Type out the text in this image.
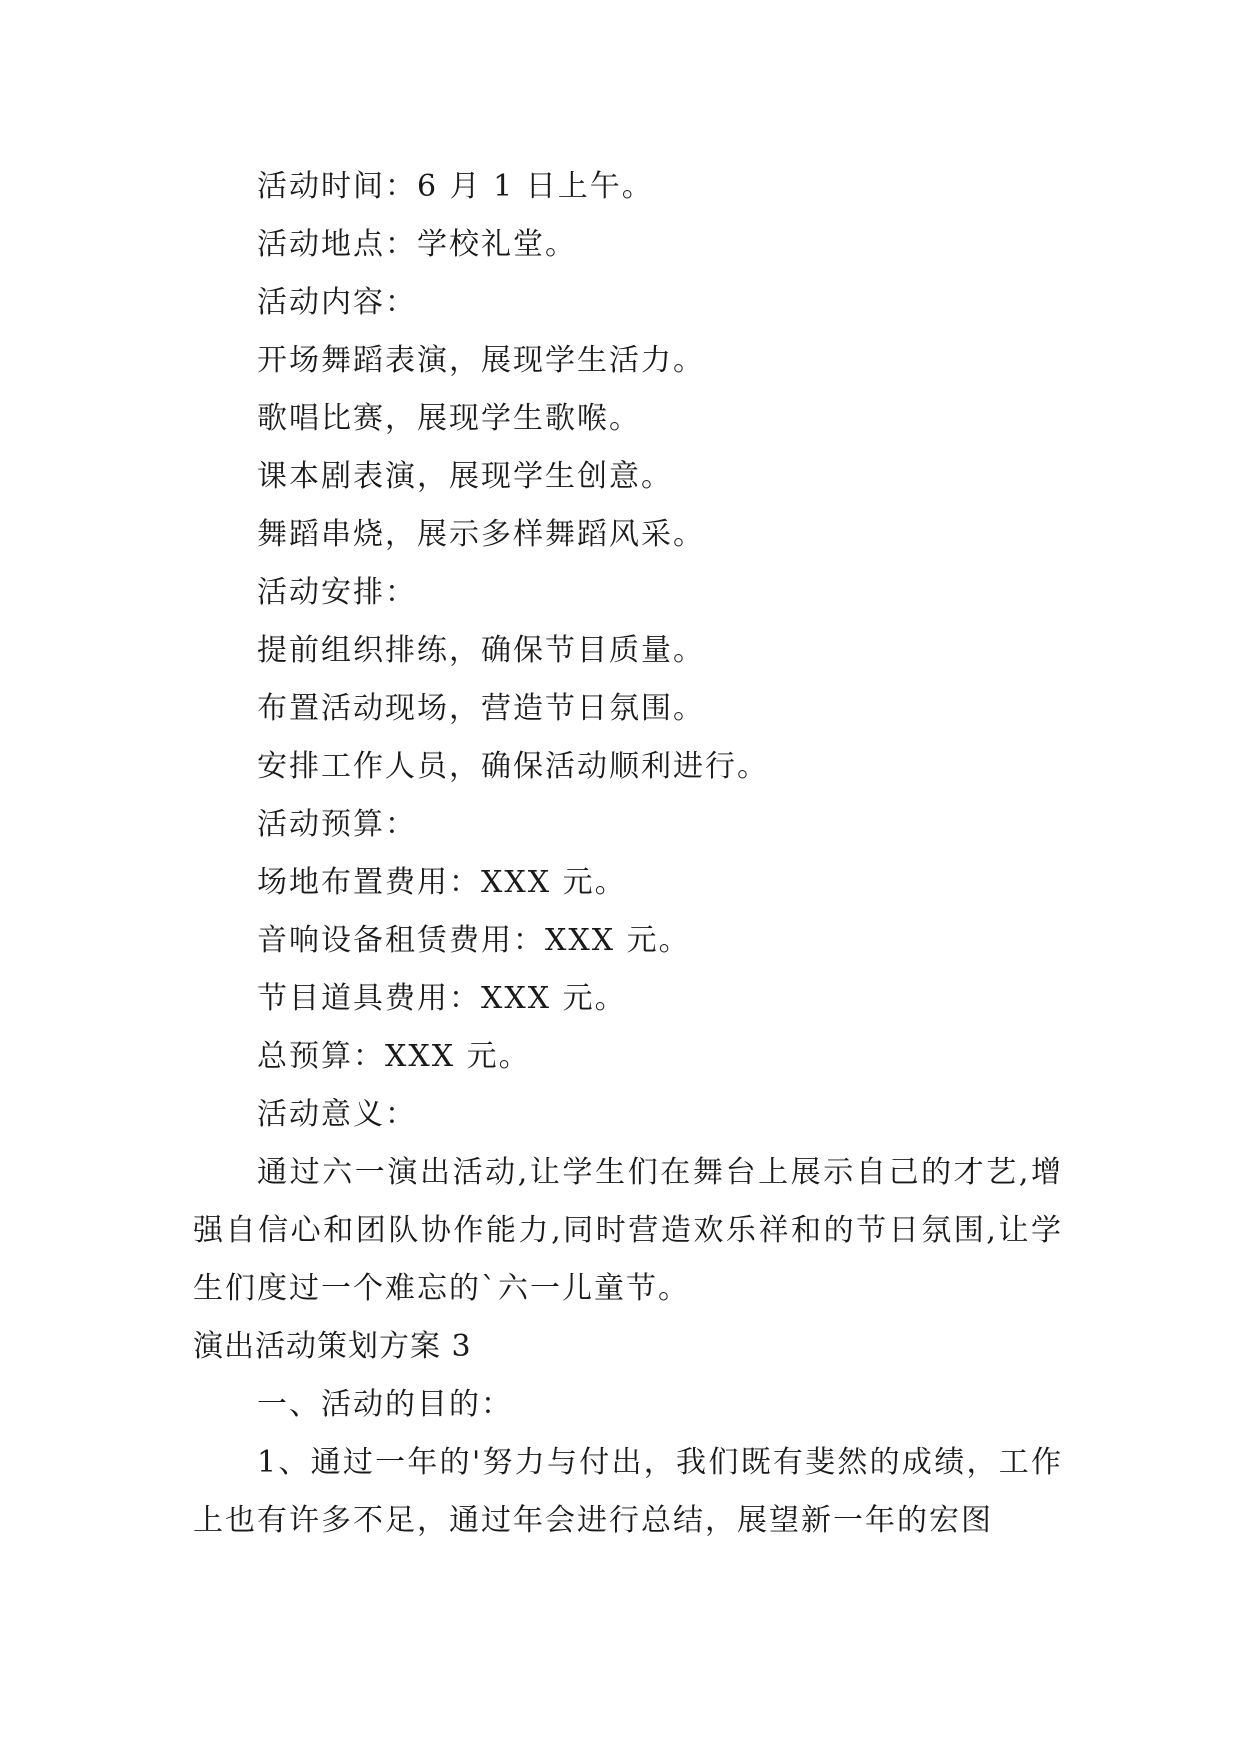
活动时间：6 月 1 日上午。
活动地点：学校礼堂。
活动内容：
开场舞蹈表演，展现学生活力。
歌唱比赛，展现学生歌喉。
课本剧表演，展现学生创意。
舞蹈串烧，展示多样舞蹈风采。
活动安排：
提前组织排练，确保节目质量。
布置活动现场，营造节日氛围。
安排工作人员，确保活动顺利进行。
活动预算：
场地布置费用：XXX 元。
音响设备租赁费用：XXX 元。
节目道具费用：XXX 元。
总预算：XXX 元。
活动意义：

通过六一演出活动,让学生们在舞台上展示自己的才艺,增强自信心和团队协作能力,同时营造欢乐祥和的节日氛围,让学生们度过一个难忘的`六一儿童节。

演出活动策划方案 3
一、活动的目的：

1、通过一年的'努力与付出，我们既有斐然的成绩，工作上也有许多不足，通过年会进行总结，展望新一年的宏图
